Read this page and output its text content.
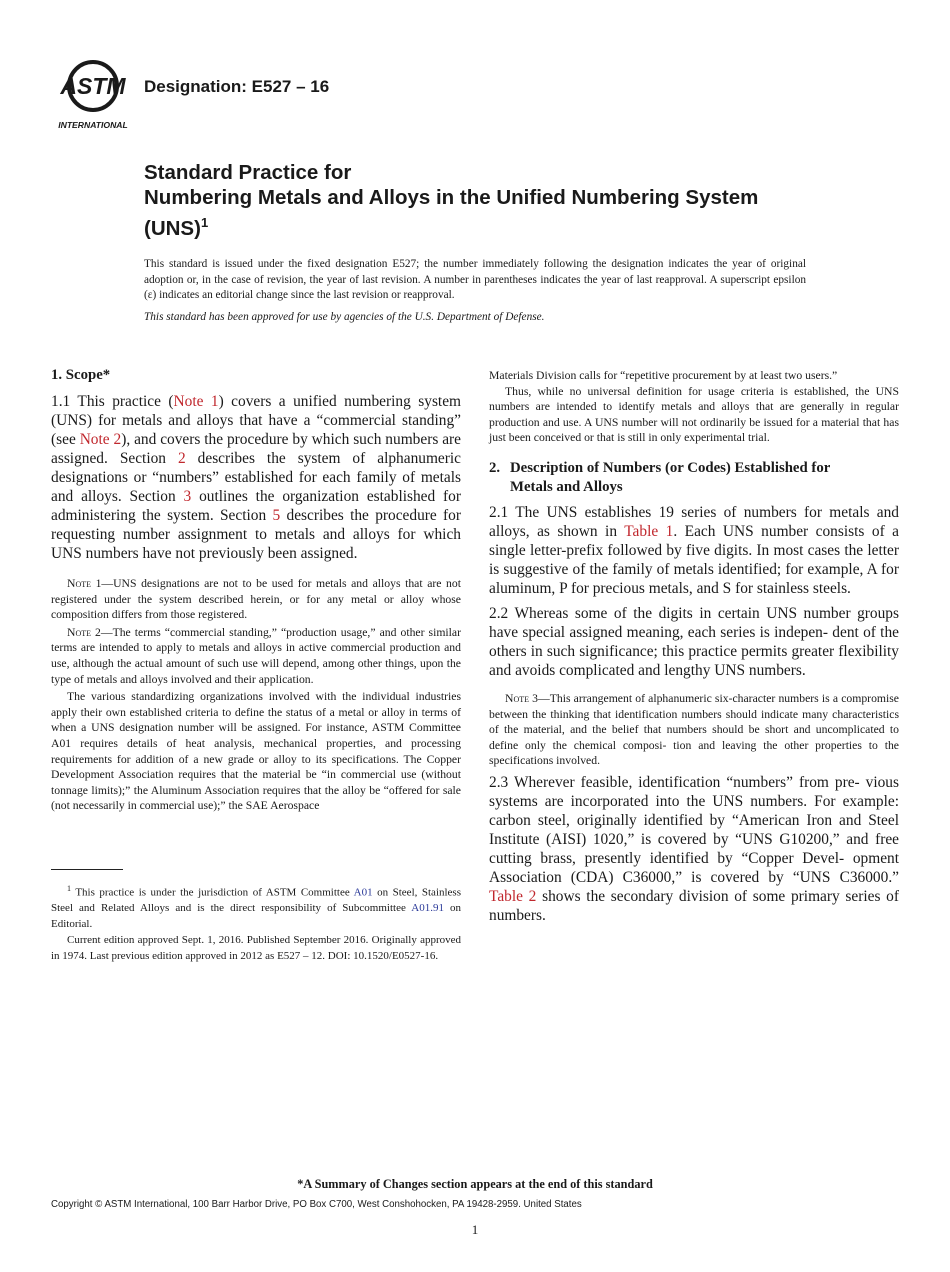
ASTM
INTERNATIONAL
Designation: E527 – 16
Standard Practice for
Numbering Metals and Alloys in the Unified Numbering System (UNS)$^1$
This standard is issued under the fixed designation E527; the number immediately following the designation indicates the year of original adoption or, in the case of revision, the year of last revision. A number in parentheses indicates the year of last reapproval. A superscript epsilon (ε) indicates an editorial change since the last revision or reapproval.
This standard has been approved for use by agencies of the U.S. Department of Defense.
1. Scope*

1.1 This practice (Note 1) covers a unified numbering system (UNS) for metals and alloys that have a “commercial standing” (see Note 2), and covers the procedure by which such numbers are assigned. Section 2 describes the system of alphanumeric designations or “numbers” established for each family of metals and alloys. Section 3 outlines the organization established for administering the system. Section 5 describes the procedure for requesting number assignment to metals and alloys for which UNS numbers have not previously been assigned.

Note 1—UNS designations are not to be used for metals and alloys that are not registered under the system described herein, or for any metal or alloy whose composition differs from those registered.

Note 2—The terms “commercial standing,” “production usage,” and other similar terms are intended to apply to metals and alloys in active commercial production and use, although the actual amount of such use will depend, among other things, upon the type of metals and alloys involved and their application.

The various standardizing organizations involved with the individual industries apply their own established criteria to define the status of a metal or alloy in terms of when a UNS designation number will be assigned. For instance, ASTM Committee A01 requires details of heat analysis, mechanical properties, and processing requirements for addition of a new grade or alloy to its specifications. The Copper Development Association requires that the material be “in commercial use (without tonnage limits);” the Aluminum Association requires that the alloy be “offered for sale (not necessarily in commercial use);” the SAE Aerospace

Materials Division calls for “repetitive procurement by at least two users.”

Thus, while no universal definition for usage criteria is established, the UNS numbers are intended to identify metals and alloys that are generally in regular production and use. A UNS number will not ordinarily be issued for a material that has just been conceived or that is still in only experimental trial.

2. Description of Numbers (or Codes) Established for
Metals and Alloys

2.1 The UNS establishes 19 series of numbers for metals and alloys, as shown in Table 1. Each UNS number consists of a single letter-prefix followed by five digits. In most cases the letter is suggestive of the family of metals identified; for example, A for aluminum, P for precious metals, and S for stainless steels.

2.2 Whereas some of the digits in certain UNS number groups have special assigned meaning, each series is indepen- dent of the others in such significance; this practice permits greater flexibility and avoids complicated and lengthy UNS numbers.

Note 3—This arrangement of alphanumeric six-character numbers is a compromise between the thinking that identification numbers should indicate many characteristics of the material, and the belief that numbers should be short and uncomplicated to define only the chemical composi- tion and leaving the other properties to the specifications involved.

2.3 Wherever feasible, identification “numbers” from pre- vious systems are incorporated into the UNS numbers. For example: carbon steel, originally identified by “American Iron and Steel Institute (AISI) 1020,” is covered by “UNS G10200,” and free cutting brass, presently identified by “Copper Devel- opment Association (CDA) C36000,” is covered by “UNS C36000.” Table 2 shows the secondary division of some primary series of numbers.

$^1$ This practice is under the jurisdiction of ASTM Committee A01 on Steel, Stainless Steel and Related Alloys and is the direct responsibility of Subcommittee A01.91 on Editorial.

Current edition approved Sept. 1, 2016. Published September 2016. Originally approved in 1974. Last previous edition approved in 2012 as E527 – 12. DOI: 10.1520/E0527-16.

*A Summary of Changes section appears at the end of this standard
Copyright © ASTM International, 100 Barr Harbor Drive, PO Box C700, West Conshohocken, PA 19428-2959. United States
1
